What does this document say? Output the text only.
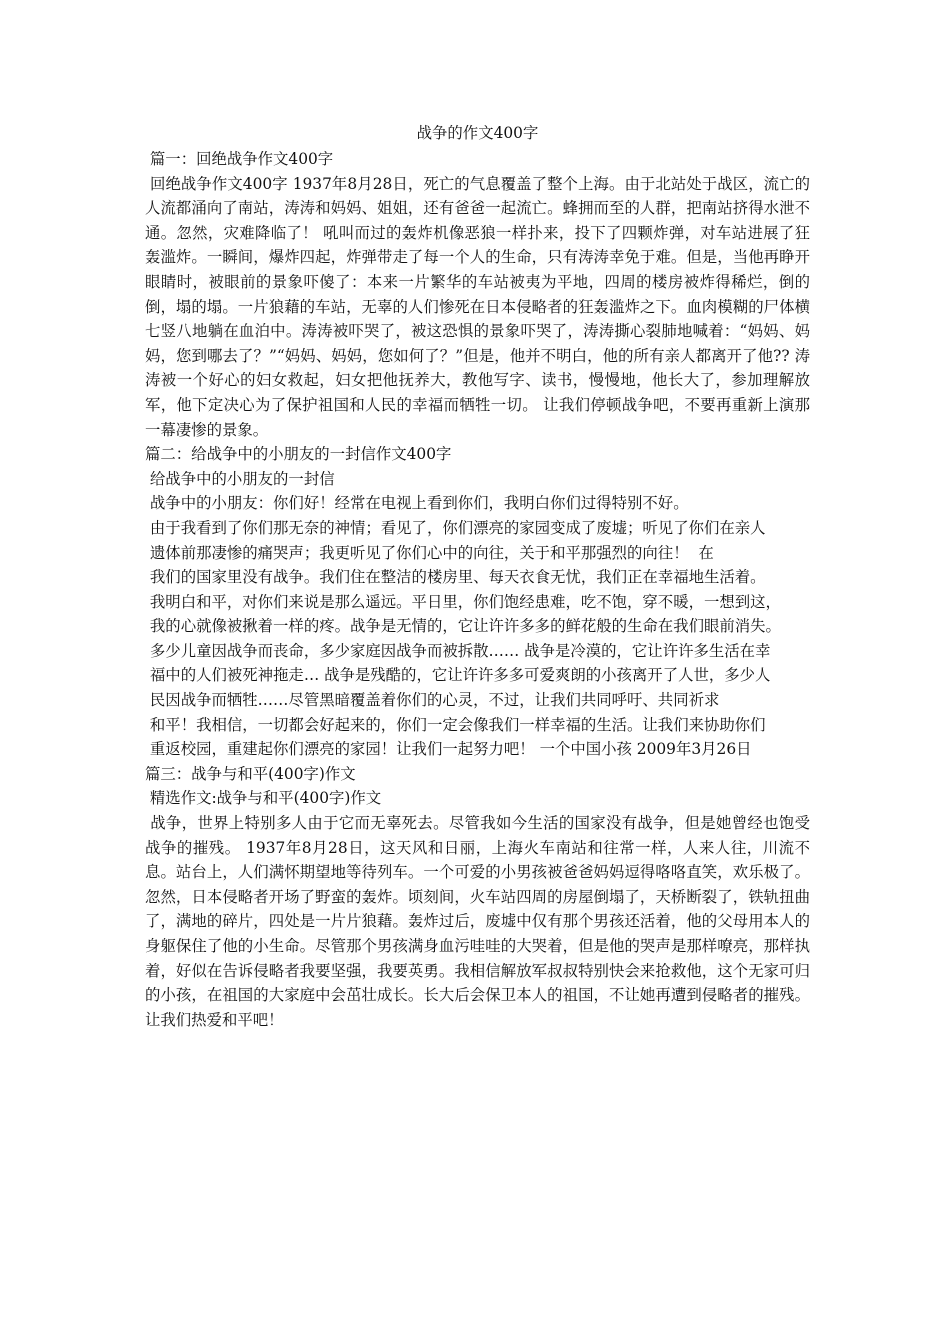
战争的作文400字
篇一：回绝战争作文400字
回绝战争作文400字 1937年8月28日，死亡的气息覆盖了整个上海。由于北站处于战区，流亡的人流都涌向了南站，涛涛和妈妈、姐姐，还有爸爸一起流亡。蜂拥而至的人群，把南站挤得水泄不通。忽然，灾难降临了！ 吼叫而过的轰炸机像恶狼一样扑来，投下了四颗炸弹，对车站进展了狂轰滥炸。一瞬间，爆炸四起，炸弹带走了每一个人的生命，只有涛涛幸免于难。但是，当他再睁开眼睛时，被眼前的景象吓傻了：本来一片繁华的车站被夷为平地，四周的楼房被炸得稀烂，倒的倒，塌的塌。一片狼藉的车站，无辜的人们惨死在日本侵略者的狂轰滥炸之下。血肉模糊的尸体横七竖八地躺在血泊中。涛涛被吓哭了，被这恐惧的景象吓哭了，涛涛撕心裂肺地喊着：“妈妈、妈妈，您到哪去了？”“妈妈、妈妈，您如何了？”但是，他并不明白，他的所有亲人都离开了他?? 涛涛被一个好心的妇女救起，妇女把他抚养大，教他写字、读书，慢慢地，他长大了，参加理解放军，他下定决心为了保护祖国和人民的幸福而牺牲一切。 让我们停顿战争吧，不要再重新上演那一幕凄惨的景象。
篇二：给战争中的小朋友的一封信作文400字
给战争中的小朋友的一封信
战争中的小朋友：你们好！经常在电视上看到你们，我明白你们过得特别不好。
由于我看到了你们那无奈的神情；看见了，你们漂亮的家园变成了废墟；听见了你们在亲人
遗体前那凄惨的痛哭声；我更听见了你们心中的向往，关于和平那强烈的向往！  在
我们的国家里没有战争。我们住在整洁的楼房里、每天衣食无忧，我们正在幸福地生活着。
我明白和平，对你们来说是那么遥远。平日里，你们饱经患难，吃不饱，穿不暖，一想到这，
我的心就像被揪着一样的疼。战争是无情的，它让许许多多的鲜花般的生命在我们眼前消失。
多少儿童因战争而丧命，多少家庭因战争而被拆散…… 战争是冷漠的，它让许许多生活在幸
福中的人们被死神拖走… 战争是残酷的，它让许许多多可爱爽朗的小孩离开了人世，多少人
民因战争而牺牲……尽管黑暗覆盖着你们的心灵，不过，让我们共同呼吁、共同祈求
和平！我相信，一切都会好起来的，你们一定会像我们一样幸福的生活。让我们来协助你们
重返校园，重建起你们漂亮的家园！让我们一起努力吧！ 一个中国小孩 2009年3月26日
篇三：战争与和平(400字)作文
精选作文:战争与和平(400字)作文
战争，世界上特别多人由于它而无辜死去。尽管我如今生活的国家没有战争，但是她曾经也饱受战争的摧残。 1937年8月28日，这天风和日丽，上海火车南站和往常一样，人来人往，川流不息。站台上，人们满怀期望地等待列车。一个可爱的小男孩被爸爸妈妈逗得咯咯直笑，欢乐极了。忽然，日本侵略者开场了野蛮的轰炸。顷刻间，火车站四周的房屋倒塌了，天桥断裂了，铁轨扭曲了，满地的碎片，四处是一片片狼藉。轰炸过后，废墟中仅有那个男孩还活着，他的父母用本人的身躯保住了他的小生命。尽管那个男孩满身血污哇哇的大哭着，但是他的哭声是那样嘹亮，那样执着，好似在告诉侵略者我要坚强，我要英勇。我相信解放军叔叔特别快会来抢救他，这个无家可归的小孩，在祖国的大家庭中会茁壮成长。长大后会保卫本人的祖国，不让她再遭到侵略者的摧残。 让我们热爱和平吧！
